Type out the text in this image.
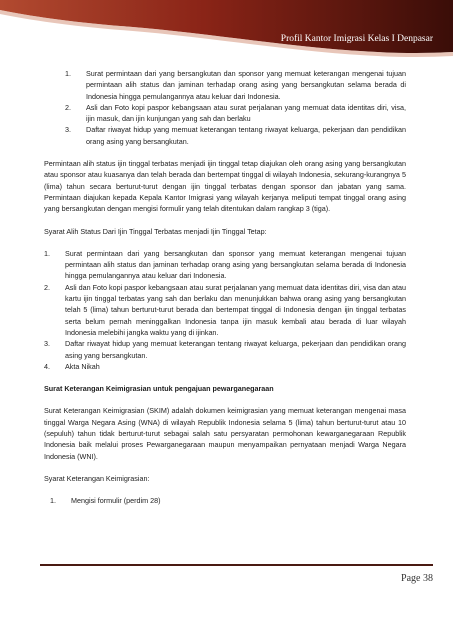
Profil Kantor Imigrasi Kelas I Denpasar
1. Surat permintaan dari yang bersangkutan dan sponsor yang memuat keterangan mengenai tujuan permintaan alih status dan jaminan terhadap orang asing yang bersangkutan selama berada di Indonesia hingga pemulangannya atau keluar dari Indonesia.
2. Asli dan Foto kopi paspor kebangsaan atau surat perjalanan yang memuat data identitas diri, visa, ijin masuk, dan ijin kunjungan yang sah dan berlaku
3. Daftar riwayat hidup yang memuat keterangan tentang riwayat keluarga, pekerjaan dan pendidikan orang asing yang bersangkutan.

Permintaan alih status ijin tinggal terbatas menjadi ijin tinggal tetap diajukan oleh orang asing yang bersangkutan atau sponsor atau kuasanya dan telah berada dan bertempat tinggal di wilayah Indonesia, sekurang-kurangnya 5 (lima) tahun secara berturut-turut dengan ijin tinggal terbatas dengan sponsor dan jabatan yang sama. Permintaan diajukan kepada Kepala Kantor Imigrasi yang wilayah kerjanya meliputi tempat tinggal orang asing yang bersangkutan dengan mengisi formulir yang telah ditentukan dalam rangkap 3 (tiga).

Syarat Alih Status Dari Ijin Tinggal Terbatas menjadi Ijin Tinggal Tetap:

1. Surat permintaan dari yang bersangkutan dan sponsor yang memuat keterangan mengenai tujuan permintaan alih status dan jaminan terhadap orang asing yang bersangkutan selama berada di Indonesia hingga pemulangannya atau keluar dari Indonesia.
2. Asli dan Foto kopi paspor kebangsaan atau surat perjalanan yang memuat data identitas diri, visa dan atau kartu ijin tinggal terbatas yang sah dan berlaku dan menunjukkan bahwa orang asing yang bersangkutan telah 5 (lima) tahun berturut-turut berada dan bertempat tinggal di Indonesia dengan ijin tinggal terbatas serta belum pernah meninggalkan Indonesia tanpa ijin masuk kembali atau berada di luar wilayah Indonesia melebihi jangka waktu yang di ijinkan.
3. Daftar riwayat hidup yang memuat keterangan tentang riwayat keluarga, pekerjaan dan pendidikan orang asing yang bersangkutan.
4. Akta Nikah

Surat Keterangan Keimigrasian untuk pengajuan pewarganegaraan

Surat Keterangan Keimigrasian (SKIM) adalah dokumen keimigrasian yang memuat keterangan mengenai masa tinggal Warga Negara Asing (WNA) di wilayah Republik Indonesia selama 5 (lima) tahun berturut-turut atau 10 (sepuluh) tahun tidak berturut-turut sebagai salah satu persyaratan permohonan kewarganegaraan Republik Indonesia baik melalui proses Pewarganegaraan maupun menyampaikan pernyataan menjadi Warga Negara Indonesia (WNI).

Syarat Keterangan Keimigrasian:

1. Mengisi formulir (perdim 28)
Page 38
